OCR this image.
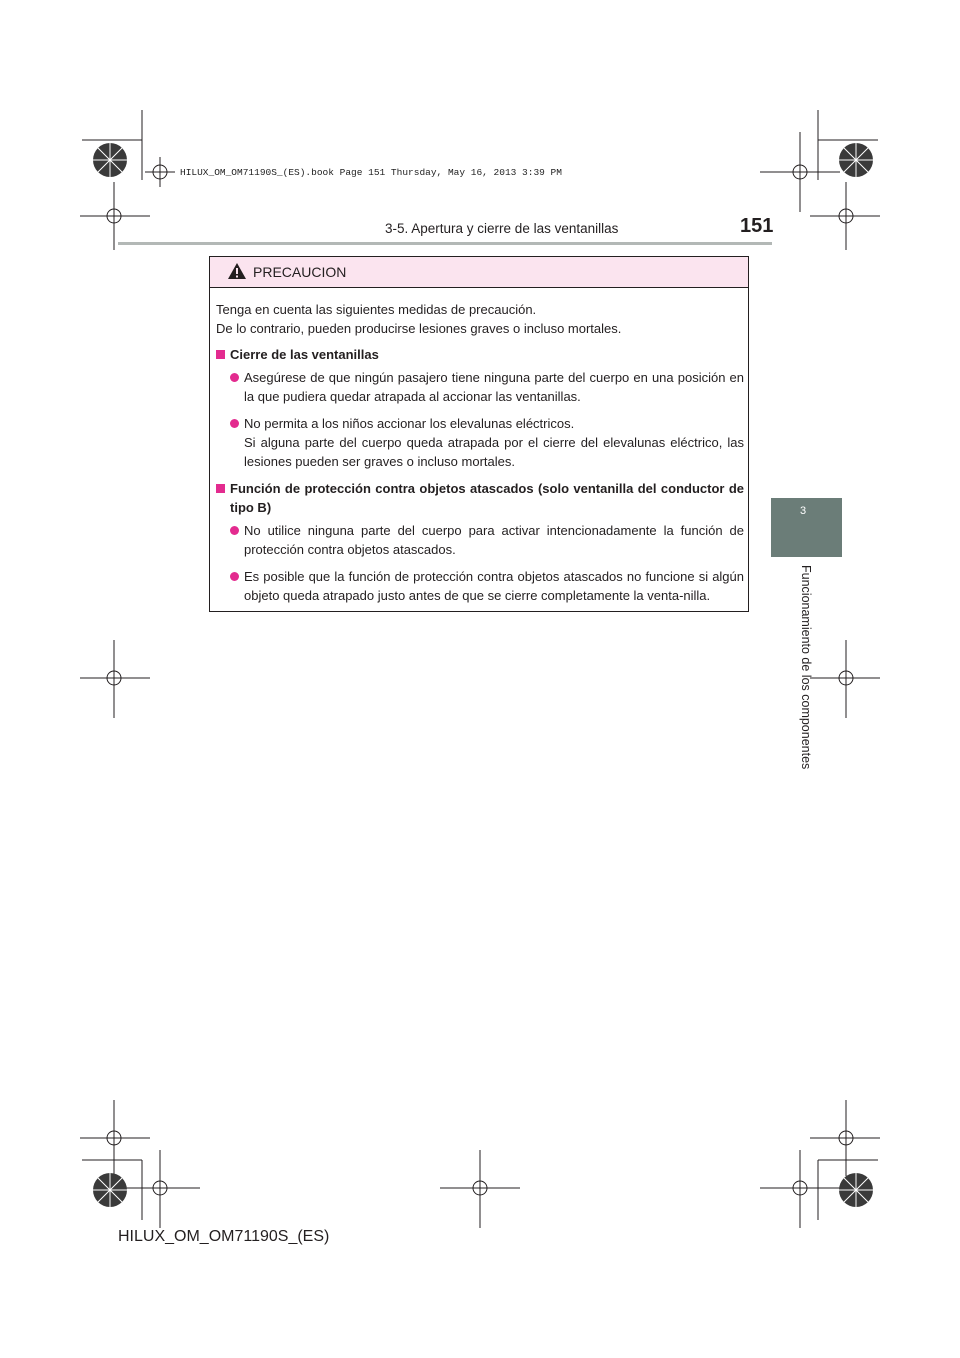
HILUX_OM_OM71190S_(ES).book Page 151 Thursday, May 16, 2013 3:39 PM
3-5. Apertura y cierre de las ventanillas	151
3
Funcionamiento de los componentes
PRECAUCION

Tenga en cuenta las siguientes medidas de precaución.

De lo contrario, pueden producirse lesiones graves o incluso mortales.

Cierre de las ventanillas
Asegúrese de que ningún pasajero tiene ninguna parte del cuerpo en una posición en la que pudiera quedar atrapada al accionar las ventanillas.
No permita a los niños accionar los elevalunas eléctricos.
Si alguna parte del cuerpo queda atrapada por el cierre del elevalunas eléctrico, las lesiones pueden ser graves o incluso mortales.
Función de protección contra objetos atascados (solo ventanilla del conductor de tipo B)
No utilice ninguna parte del cuerpo para activar intencionadamente la función de protección contra objetos atascados.
Es posible que la función de protección contra objetos atascados no funcione si algún objeto queda atrapado justo antes de que se cierre completamente la venta-nilla.
HILUX_OM_OM71190S_(ES)
